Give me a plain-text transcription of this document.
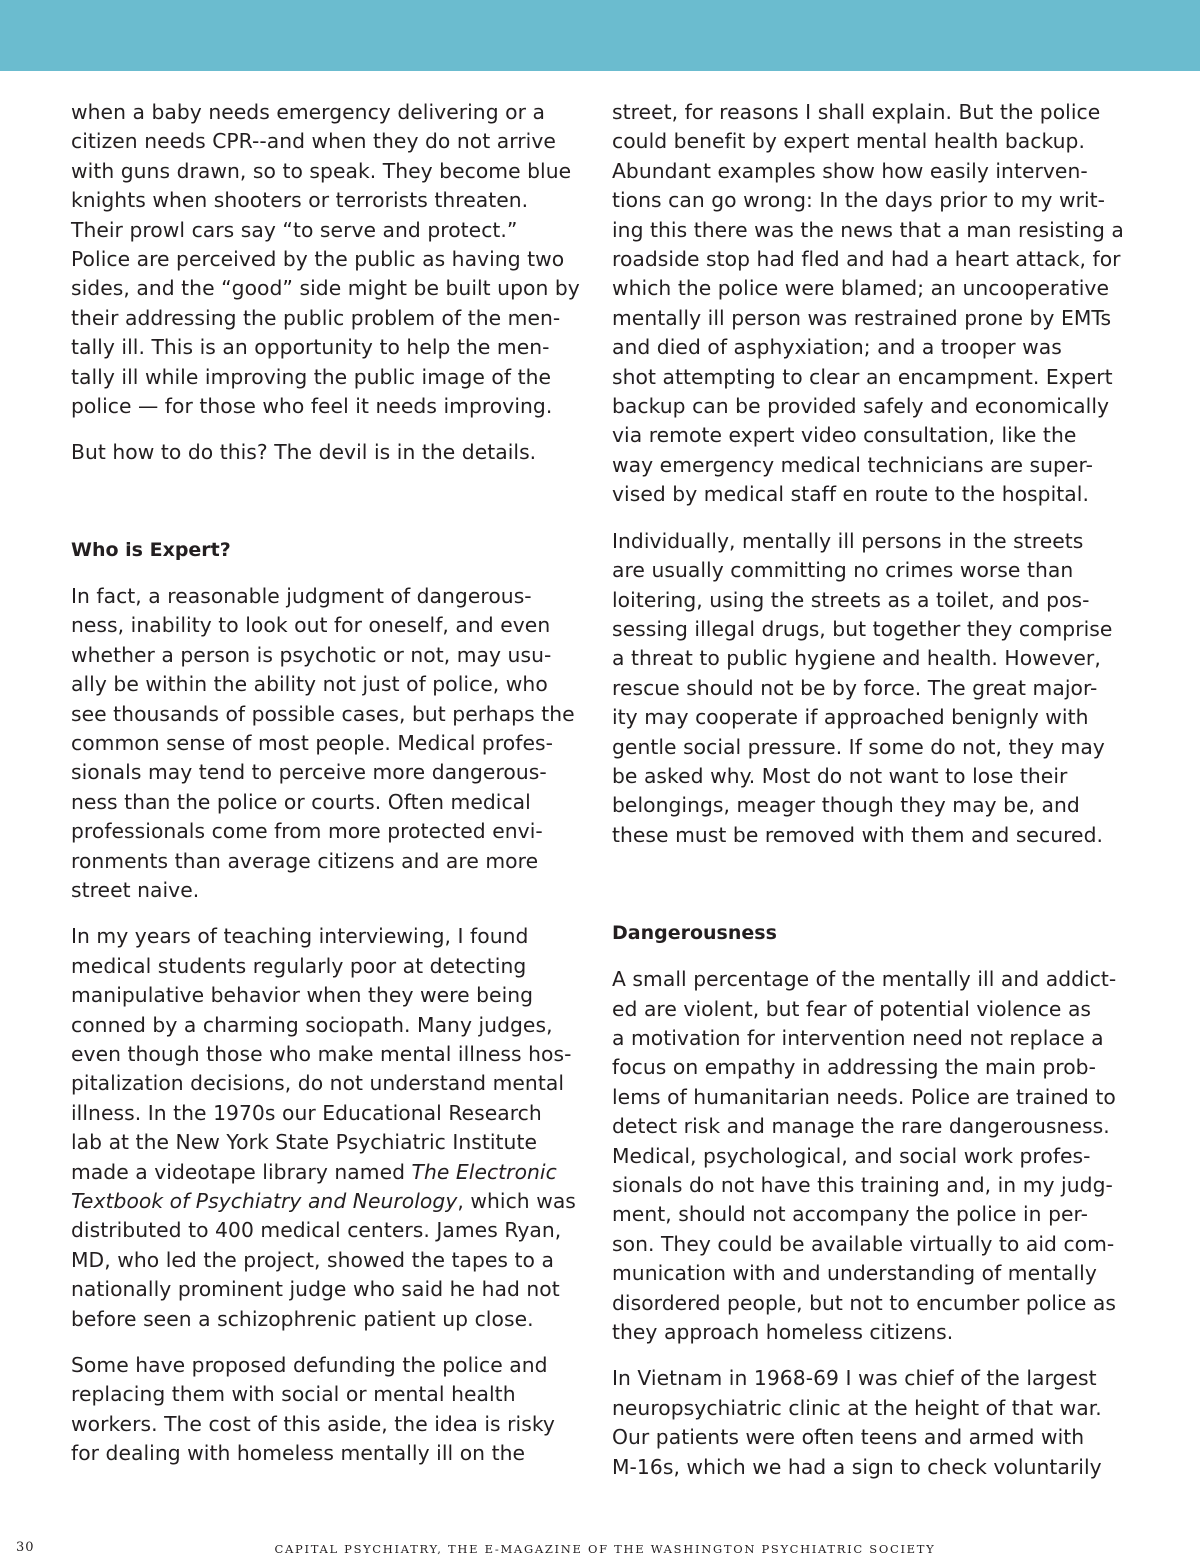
when a baby needs emergency delivering or a
citizen needs CPR--and when they do not arrive
with guns drawn, so to speak. They become blue
knights when shooters or terrorists threaten.
Their prowl cars say “to serve and protect.”
Police are perceived by the public as having two
sides, and the “good” side might be built upon by
their addressing the public problem of the men-
tally ill. This is an opportunity to help the men-
tally ill while improving the public image of the
police — for those who feel it needs improving.

But how to do this? The devil is in the details.

Who is Expert?

In fact, a reasonable judgment of dangerous-
ness, inability to look out for oneself, and even
whether a person is psychotic or not, may usu-
ally be within the ability not just of police, who
see thousands of possible cases, but perhaps the
common sense of most people. Medical profes-
sionals may tend to perceive more dangerous-
ness than the police or courts. Often medical
professionals come from more protected envi-
ronments than average citizens and are more
street naive.

In my years of teaching interviewing, I found
medical students regularly poor at detecting
manipulative behavior when they were being
conned by a charming sociopath. Many judges,
even though those who make mental illness hos-
pitalization decisions, do not understand mental
illness. In the 1970s our Educational Research
lab at the New York State Psychiatric Institute
made a videotape library named The Electronic
Textbook of Psychiatry and Neurology, which was
distributed to 400 medical centers. James Ryan,
MD, who led the project, showed the tapes to a
nationally prominent judge who said he had not
before seen a schizophrenic patient up close.

Some have proposed defunding the police and
replacing them with social or mental health
workers. The cost of this aside, the idea is risky
for dealing with homeless mentally ill on the

street, for reasons I shall explain. But the police
could benefit by expert mental health backup.
Abundant examples show how easily interven-
tions can go wrong: In the days prior to my writ-
ing this there was the news that a man resisting a
roadside stop had fled and had a heart attack, for
which the police were blamed; an uncooperative
mentally ill person was restrained prone by EMTs
and died of asphyxiation; and a trooper was
shot attempting to clear an encampment. Expert
backup can be provided safely and economically
via remote expert video consultation, like the
way emergency medical technicians are super-
vised by medical staff en route to the hospital.

Individually, mentally ill persons in the streets
are usually committing no crimes worse than
loitering, using the streets as a toilet, and pos-
sessing illegal drugs, but together they comprise
a threat to public hygiene and health. However,
rescue should not be by force. The great major-
ity may cooperate if approached benignly with
gentle social pressure. If some do not, they may
be asked why. Most do not want to lose their
belongings, meager though they may be, and
these must be removed with them and secured.

Dangerousness

A small percentage of the mentally ill and addict-
ed are violent, but fear of potential violence as
a motivation for intervention need not replace a
focus on empathy in addressing the main prob-
lems of humanitarian needs. Police are trained to
detect risk and manage the rare dangerousness.
Medical, psychological, and social work profes-
sionals do not have this training and, in my judg-
ment, should not accompany the police in per-
son. They could be available virtually to aid com-
munication with and understanding of mentally
disordered people, but not to encumber police as
they approach homeless citizens.

In Vietnam in 1968-69 I was chief of the largest
neuropsychiatric clinic at the height of that war.
Our patients were often teens and armed with
M-16s, which we had a sign to check voluntarily

30	CAPITAL PSYCHIATRY, THE E-MAGAZINE OF THE WASHINGTON PSYCHIATRIC SOCIETY
